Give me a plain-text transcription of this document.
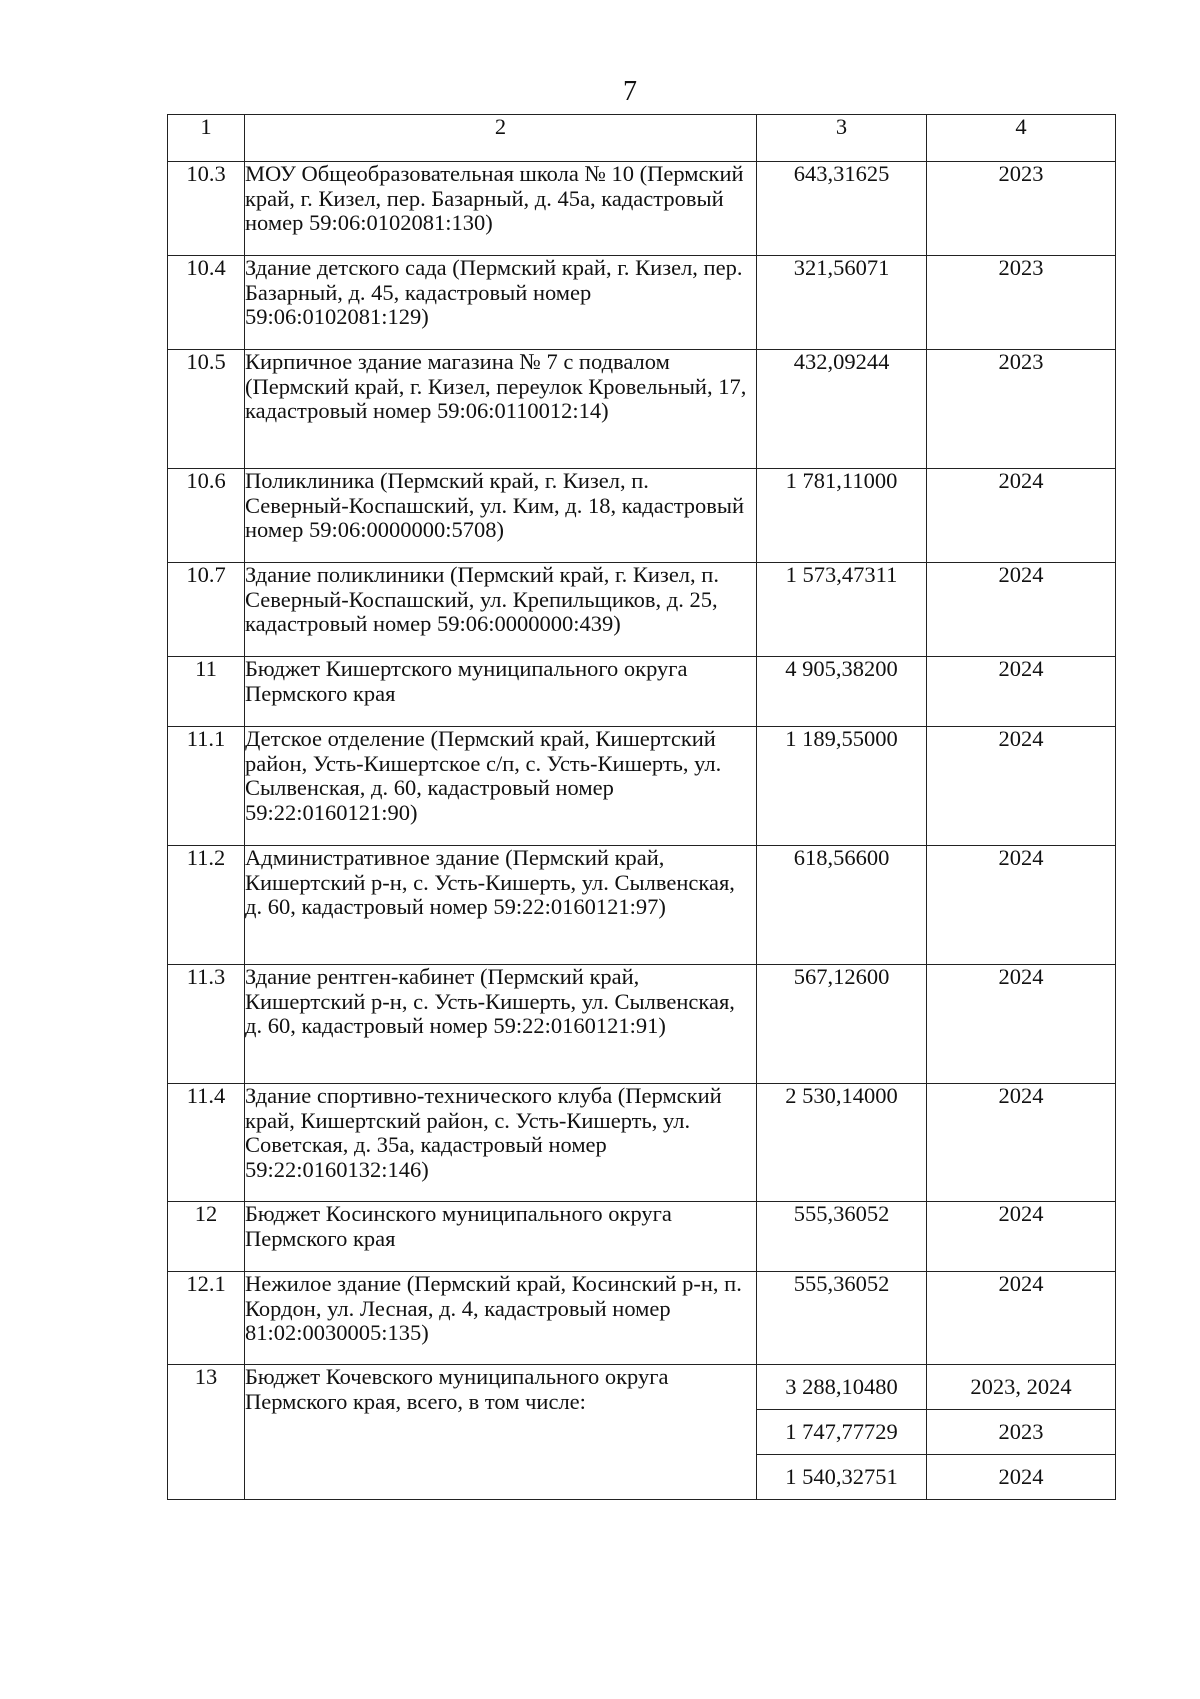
7
1	2	3	4
10.3	МОУ Общеобразовательная школа № 10 (Пермский край, г. Кизел, пер. Базарный, д. 45а, кадастровый номер 59:06:0102081:130)	643,31625	2023
10.4	Здание детского сада (Пермский край, г. Кизел, пер. Базарный, д. 45, кадастровый номер 59:06:0102081:129)	321,56071	2023
10.5	Кирпичное здание магазина № 7 с подвалом (Пермский край, г. Кизел, переулок Кровельный, 17, кадастровый номер 59:06:0110012:14)	432,09244	2023
10.6	Поликлиника (Пермский край, г. Кизел, п. Северный-Коспашский, ул. Ким, д. 18, кадастровый номер 59:06:0000000:5708)	1 781,11000	2024
10.7	Здание поликлиники (Пермский край, г. Кизел, п. Северный-Коспашский, ул. Крепильщиков, д. 25, кадастровый номер 59:06:0000000:439)	1 573,47311	2024
11	Бюджет Кишертского муниципального округа Пермского края	4 905,38200	2024
11.1	Детское отделение (Пермский край, Кишертский район, Усть-Кишертское с/п, с. Усть-Кишерть, ул. Сылвенская, д. 60, кадастровый номер 59:22:0160121:90)	1 189,55000	2024
11.2	Административное здание (Пермский край, Кишертский р-н, с. Усть-Кишерть, ул. Сылвенская, д. 60, кадастровый номер 59:22:0160121:97)	618,56600	2024
11.3	Здание рентген-кабинет (Пермский край, Кишертский р-н, с. Усть-Кишерть, ул. Сылвенская, д. 60, кадастровый номер 59:22:0160121:91)	567,12600	2024
11.4	Здание спортивно-технического клуба (Пермский край, Кишертский район, с. Усть-Кишерть, ул. Советская, д. 35а, кадастровый номер 59:22:0160132:146)	2 530,14000	2024
12	Бюджет Косинского муниципального округа Пермского края	555,36052	2024
12.1	Нежилое здание (Пермский край, Косинский р-н, п. Кордон, ул. Лесная, д. 4, кадастровый номер 81:02:0030005:135)	555,36052	2024
13	Бюджет Кочевского муниципального округа Пермского края, всего, в том числе:	3 288,10480	2023, 2024
		1 747,77729	2023
		1 540,32751	2024
